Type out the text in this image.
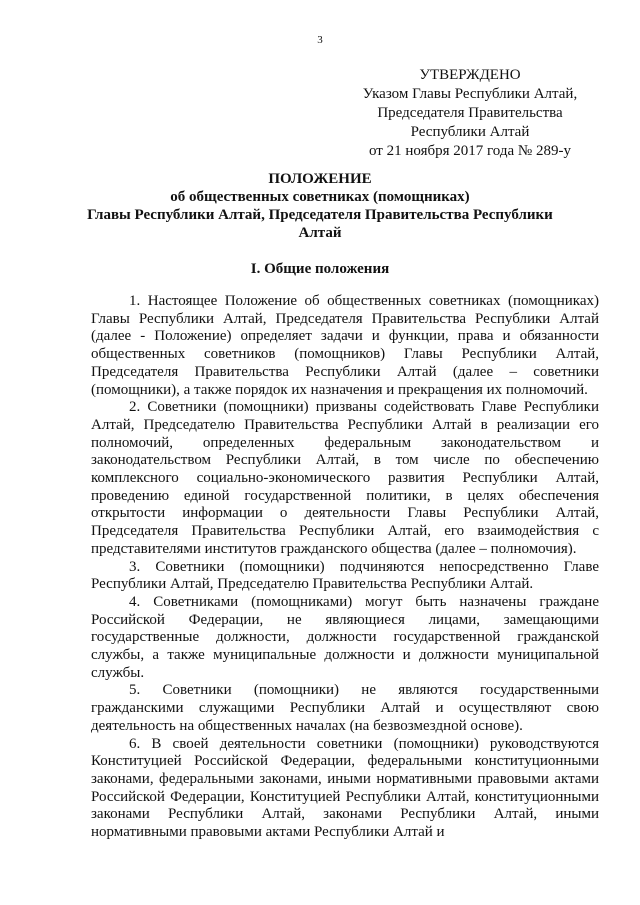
3
УТВЕРЖДЕНО
Указом Главы Республики Алтай,
Председателя Правительства
Республики Алтай
от 21 ноября 2017 года № 289-у
ПОЛОЖЕНИЕ
об общественных советниках (помощниках)
Главы Республики Алтай, Председателя Правительства Республики
Алтай
I. Общие положения

1. Настоящее Положение об общественных советниках (помощниках) Главы Республики Алтай, Председателя Правительства Республики Алтай (далее - Положение) определяет задачи и функции, права и обязанности общественных советников (помощников) Главы Республики Алтай, Председателя Правительства Республики Алтай (далее – советники (помощники), а также порядок их назначения и прекращения их полномочий.

2. Советники (помощники) призваны содействовать Главе Республики Алтай, Председателю Правительства Республики Алтай в реализации его полномочий, определенных федеральным законодательством и законодательством Республики Алтай, в том числе по обеспечению комплексного социально-экономического развития Республики Алтай, проведению единой государственной политики, в целях обеспечения открытости информации о деятельности Главы Республики Алтай, Председателя Правительства Республики Алтай, его взаимодействия с представителями институтов гражданского общества (далее – полномочия).

3. Советники (помощники) подчиняются непосредственно Главе Республики Алтай, Председателю Правительства Республики Алтай.

4. Советниками (помощниками) могут быть назначены граждане Российской Федерации, не являющиеся лицами, замещающими государственные должности, должности государственной гражданской службы, а также муниципальные должности и должности муниципальной службы.

5. Советники (помощники) не являются государственными гражданскими служащими Республики Алтай и осуществляют свою деятельность на общественных началах (на безвозмездной основе).

6. В своей деятельности советники (помощники) руководствуются Конституцией Российской Федерации, федеральными конституционными законами, федеральными законами, иными нормативными правовыми актами Российской Федерации, Конституцией Республики Алтай, конституционными законами Республики Алтай, законами Республики Алтай, иными нормативными правовыми актами Республики Алтай и
